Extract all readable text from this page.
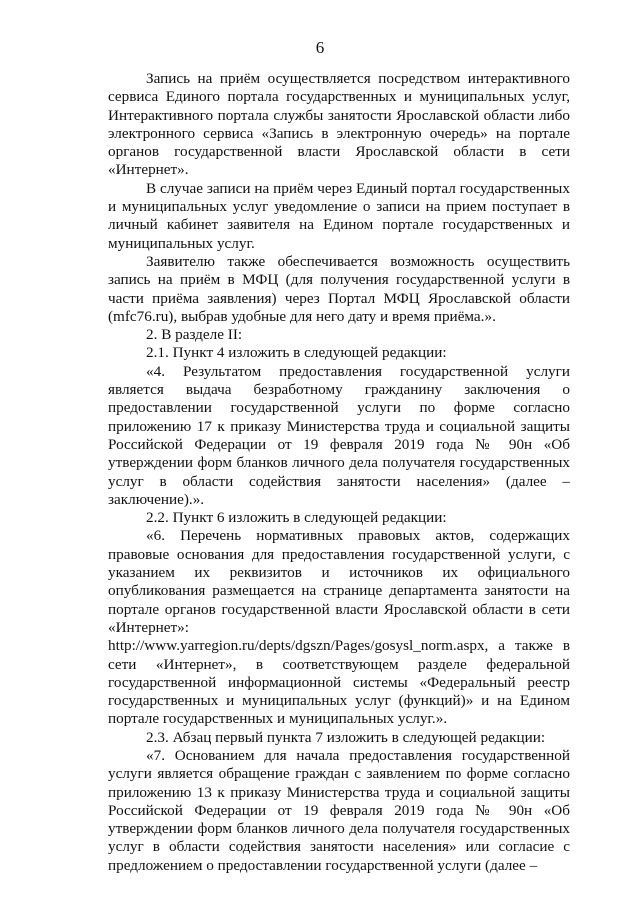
6

Запись на приём осуществляется посредством интерактивного сервиса Единого портала государственных и муниципальных услуг, Интерактивного портала службы занятости Ярославской области либо электронного сервиса «Запись в электронную очередь» на портале органов государственной власти Ярославской области в сети «Интернет».

В случае записи на приём через Единый портал государственных и муниципальных услуг уведомление о записи на прием поступает в личный кабинет заявителя на Едином портале государственных и муниципальных услуг.

Заявителю также обеспечивается возможность осуществить запись на приём в МФЦ (для получения государственной услуги в части приёма заявления) через Портал МФЦ Ярославской области (mfc76.ru), выбрав удобные для него дату и время приёма.».

2. В разделе II:

2.1. Пункт 4 изложить в следующей редакции:

«4. Результатом предоставления государственной услуги является выдача безработному гражданину заключения о предоставлении государственной услуги по форме согласно приложению 17 к приказу Министерства труда и социальной защиты Российской Федерации от 19 февраля 2019 года № 90н «Об утверждении форм бланков личного дела получателя государственных услуг в области содействия занятости населения» (далее – заключение).».

2.2. Пункт 6 изложить в следующей редакции:

«6. Перечень нормативных правовых актов, содержащих правовые основания для предоставления государственной услуги, с указанием их реквизитов и источников их официального опубликования размещается на странице департамента занятости на портале органов государственной власти Ярославской области в сети «Интернет»:

http://www.yarregion.ru/depts/dgszn/Pages/gosysl_norm.aspx, а также в сети «Интернет», в соответствующем разделе федеральной государственной информационной системы «Федеральный реестр государственных и муниципальных услуг (функций)» и на Едином портале государственных и муниципальных услуг.».

2.3. Абзац первый пункта 7 изложить в следующей редакции:

«7. Основанием для начала предоставления государственной услуги является обращение граждан с заявлением по форме согласно приложению 13 к приказу Министерства труда и социальной защиты Российской Федерации от 19 февраля 2019 года № 90н «Об утверждении форм бланков личного дела получателя государственных услуг в области содействия занятости населения» или согласие с предложением о предоставлении государственной услуги (далее –
